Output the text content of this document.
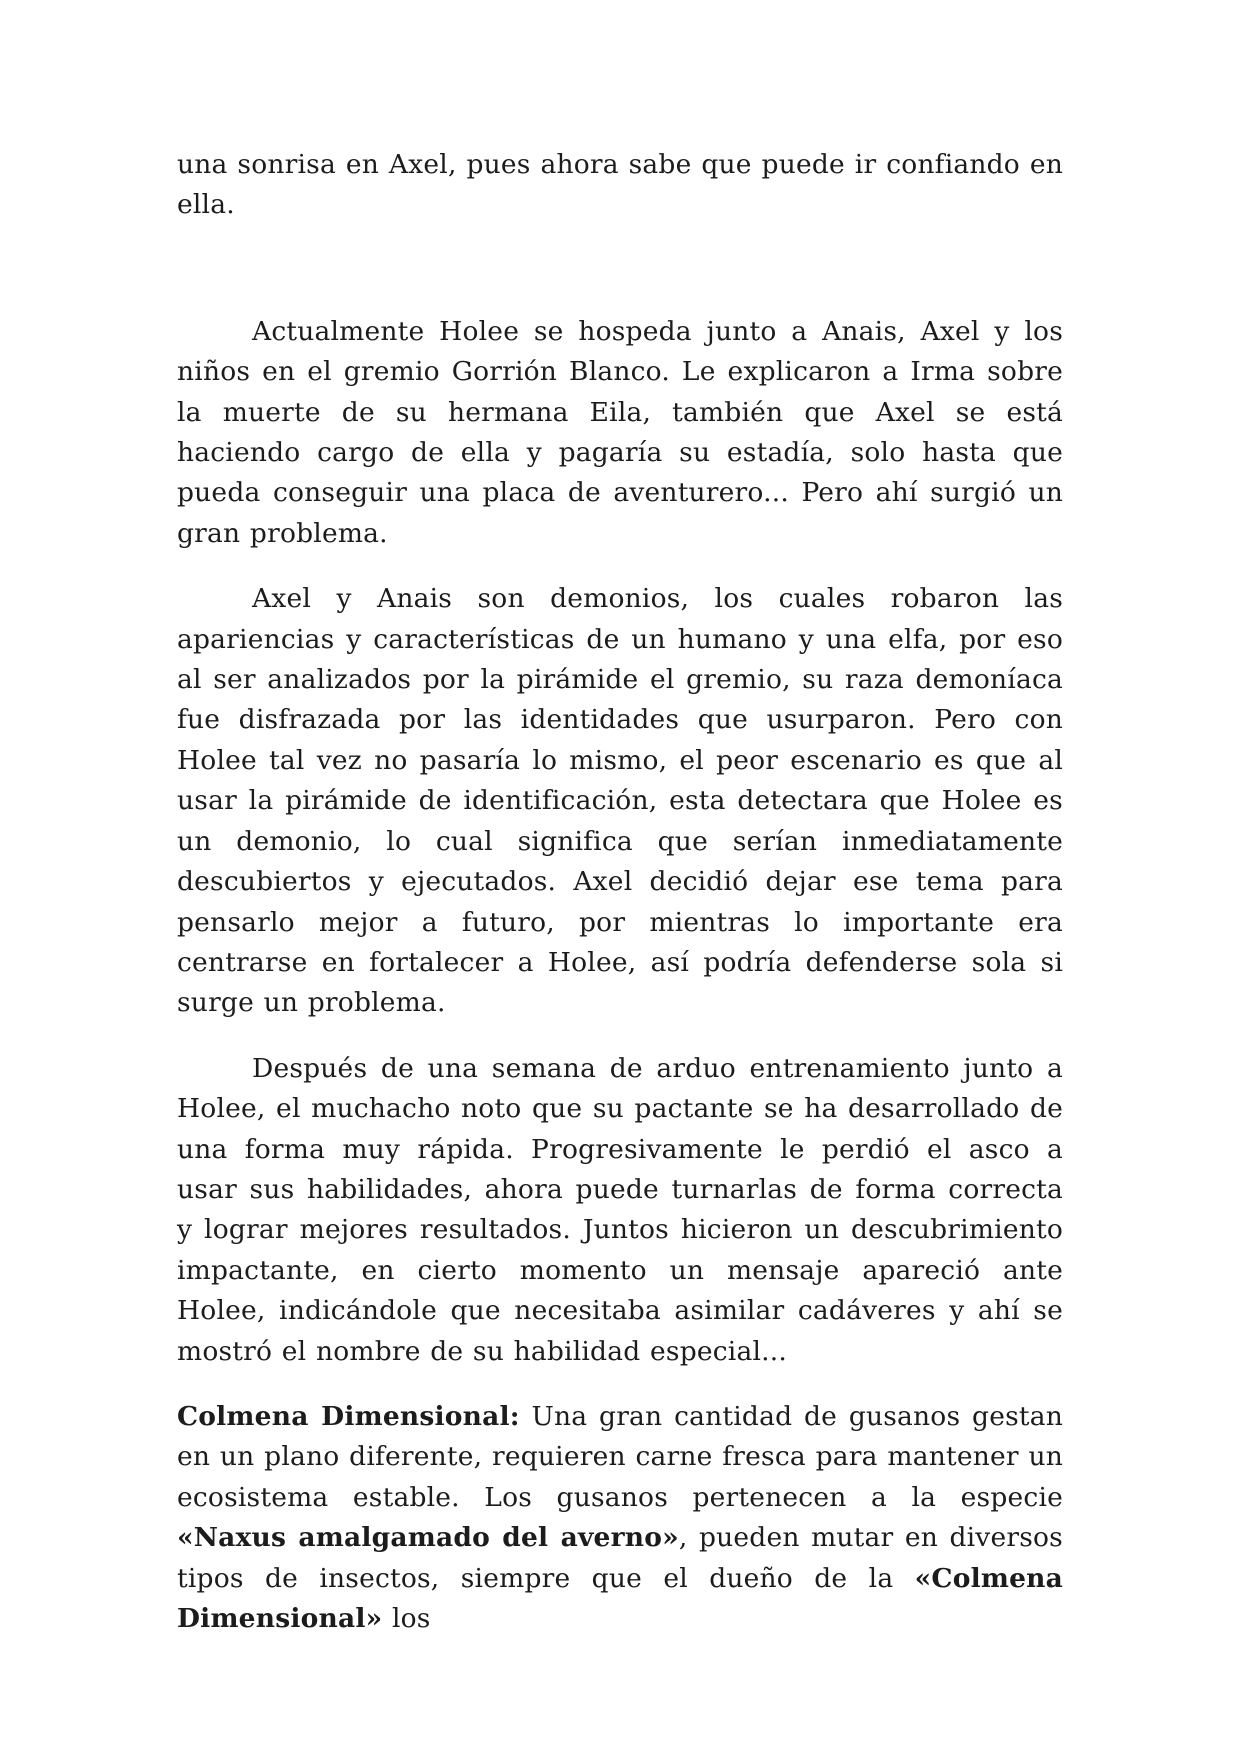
una sonrisa en Axel, pues ahora sabe que puede ir confiando en ella.

Actualmente Holee se hospeda junto a Anais, Axel y los niños en el gremio Gorrión Blanco. Le explicaron a Irma sobre la muerte de su hermana Eila, también que Axel se está haciendo cargo de ella y pagaría su estadía, solo hasta que pueda conseguir una placa de aventurero... Pero ahí surgió un gran problema.

Axel y Anais son demonios, los cuales robaron las apariencias y características de un humano y una elfa, por eso al ser analizados por la pirámide el gremio, su raza demoníaca fue disfrazada por las identidades que usurparon. Pero con Holee tal vez no pasaría lo mismo, el peor escenario es que al usar la pirámide de identificación, esta detectara que Holee es un demonio, lo cual significa que serían inmediatamente descubiertos y ejecutados. Axel decidió dejar ese tema para pensarlo mejor a futuro, por mientras lo importante era centrarse en fortalecer a Holee, así podría defenderse sola si surge un problema.

Después de una semana de arduo entrenamiento junto a Holee, el muchacho noto que su pactante se ha desarrollado de una forma muy rápida. Progresivamente le perdió el asco a usar sus habilidades, ahora puede turnarlas de forma correcta y lograr mejores resultados. Juntos hicieron un descubrimiento impactante, en cierto momento un mensaje apareció ante Holee, indicándole que necesitaba asimilar cadáveres y ahí se mostró el nombre de su habilidad especial...

Colmena Dimensional: Una gran cantidad de gusanos gestan en un plano diferente, requieren carne fresca para mantener un ecosistema estable. Los gusanos pertenecen a la especie «Naxus amalgamado del averno», pueden mutar en diversos tipos de insectos, siempre que el dueño de la «Colmena Dimensional» los
